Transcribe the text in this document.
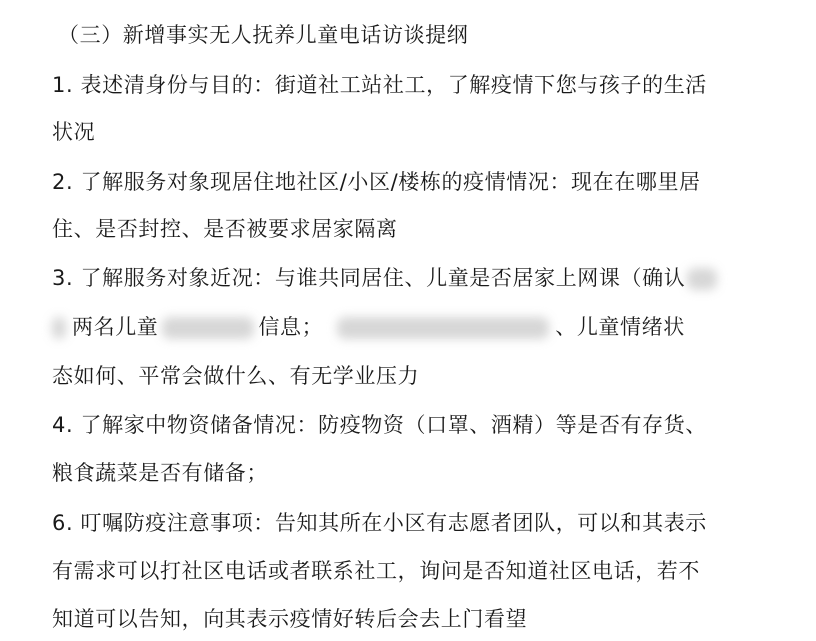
（三）新增事实无人抚养儿童电话访谈提纲
1. 表述清身份与目的：街道社工站社工，了解疫情下您与孩子的生活
状况
2. 了解服务对象现居住地社区/小区/楼栋的疫情情况：现在在哪里居
住、是否封控、是否被要求居家隔离
3. 了解服务对象近况：与谁共同居住、儿童是否居家上网课（确认
两名儿童	信息；	、儿童情绪状
态如何、平常会做什么、有无学业压力
4. 了解家中物资储备情况：防疫物资（口罩、酒精）等是否有存货、
粮食蔬菜是否有储备；
6. 叮嘱防疫注意事项：告知其所在小区有志愿者团队，可以和其表示
有需求可以打社区电话或者联系社工，询问是否知道社区电话，若不
知道可以告知，向其表示疫情好转后会去上门看望
